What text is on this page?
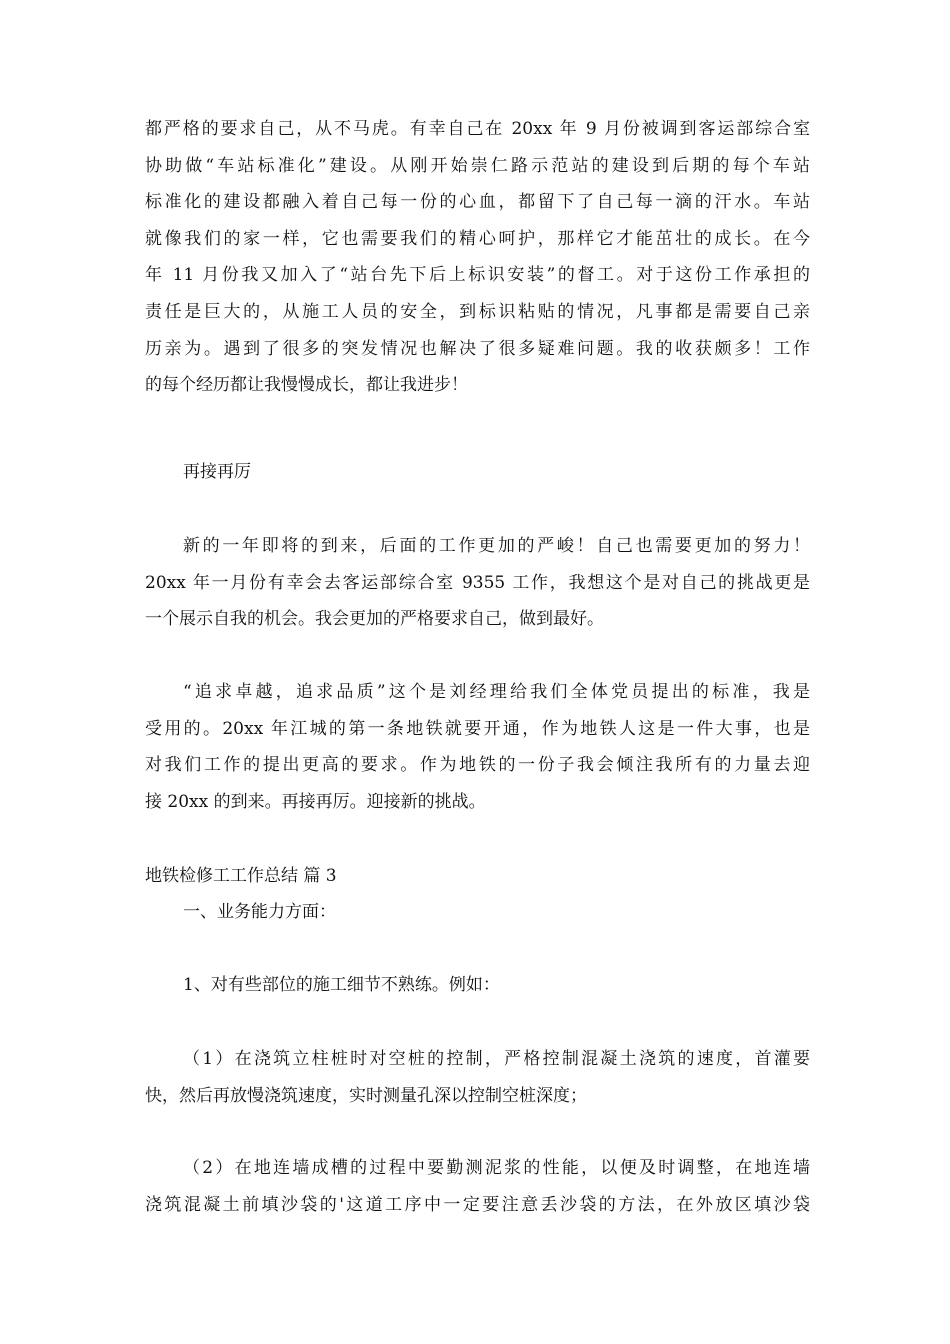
都严格的要求自己，从不马虎。有幸自己在 20xx 年 9 月份被调到客运部综合室
协助做“车站标准化”建设。从刚开始崇仁路示范站的建设到后期的每个车站
标准化的建设都融入着自己每一份的心血，都留下了自己每一滴的汗水。车站
就像我们的家一样，它也需要我们的精心呵护，那样它才能茁壮的成长。在今
年 11 月份我又加入了“站台先下后上标识安装”的督工。对于这份工作承担的
责任是巨大的，从施工人员的安全，到标识粘贴的情况，凡事都是需要自己亲
历亲为。遇到了很多的突发情况也解决了很多疑难问题。我的收获颇多！工作
的每个经历都让我慢慢成长，都让我进步！
再接再厉
新的一年即将的到来，后面的工作更加的严峻！自己也需要更加的努力！
20xx 年一月份有幸会去客运部综合室 9355 工作，我想这个是对自己的挑战更是
一个展示自我的机会。我会更加的严格要求自己，做到最好。
“追求卓越，追求品质”这个是刘经理给我们全体党员提出的标准，我是
受用的。20xx 年江城的第一条地铁就要开通，作为地铁人这是一件大事，也是
对我们工作的提出更高的要求。作为地铁的一份子我会倾注我所有的力量去迎
接 20xx 的到来。再接再厉。迎接新的挑战。
地铁检修工工作总结 篇 3
一、业务能力方面：
1、对有些部位的施工细节不熟练。例如：
（1）在浇筑立柱桩时对空桩的控制，严格控制混凝土浇筑的速度，首灌要
快，然后再放慢浇筑速度，实时测量孔深以控制空桩深度；
（2）在地连墙成槽的过程中要勤测泥浆的性能，以便及时调整，在地连墙
浇筑混凝土前填沙袋的'这道工序中一定要注意丢沙袋的方法，在外放区填沙袋
